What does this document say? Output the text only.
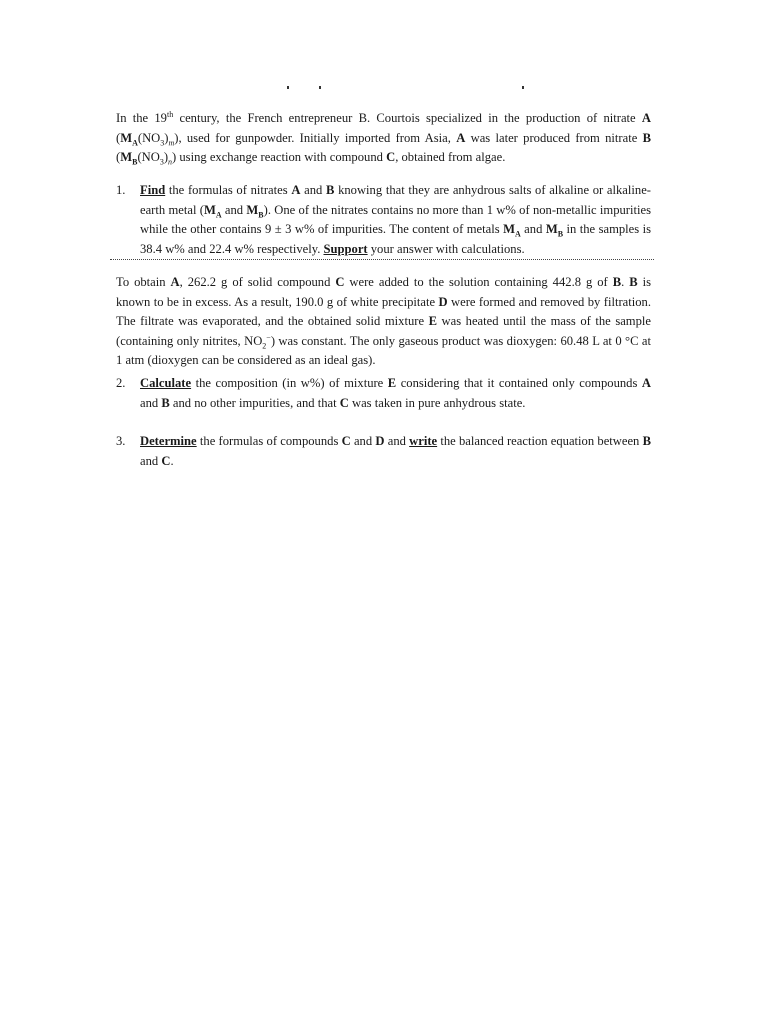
In the 19th century, the French entrepreneur B. Courtois specialized in the production of nitrate A $(M_A(NO_3)_m)$, used for gunpowder. Initially imported from Asia, A was later produced from nitrate B $(M_B(NO_3)_n)$ using exchange reaction with compound C, obtained from algae.

1.	Find the formulas of nitrates A and B knowing that they are anhydrous salts of alkaline or alkaline-earth metal ($M_A$ and $M_B$). One of the nitrates contains no more than 1 w% of non-metallic impurities while the other contains 9 ± 3 w% of impurities. The content of metals $M_A$ and $M_B$ in the samples is 38.4 w% and 22.4 w% respectively. Support your answer with calculations.

To obtain A, 262.2 g of solid compound C were added to the solution containing 442.8 g of B. B is known to be in excess. As a result, 190.0 g of white precipitate D were formed and removed by filtration. The filtrate was evaporated, and the obtained solid mixture E was heated until the mass of the sample (containing only nitrites, $NO_2^-$) was constant. The only gaseous product was dioxygen: 60.48 L at 0 °C at 1 atm (dioxygen can be considered as an ideal gas).

2.	Calculate the composition (in w%) of mixture E considering that it contained only compounds A and B and no other impurities, and that C was taken in pure anhydrous state.
3.	Determine the formulas of compounds C and D and write the balanced reaction equation between B and C.
